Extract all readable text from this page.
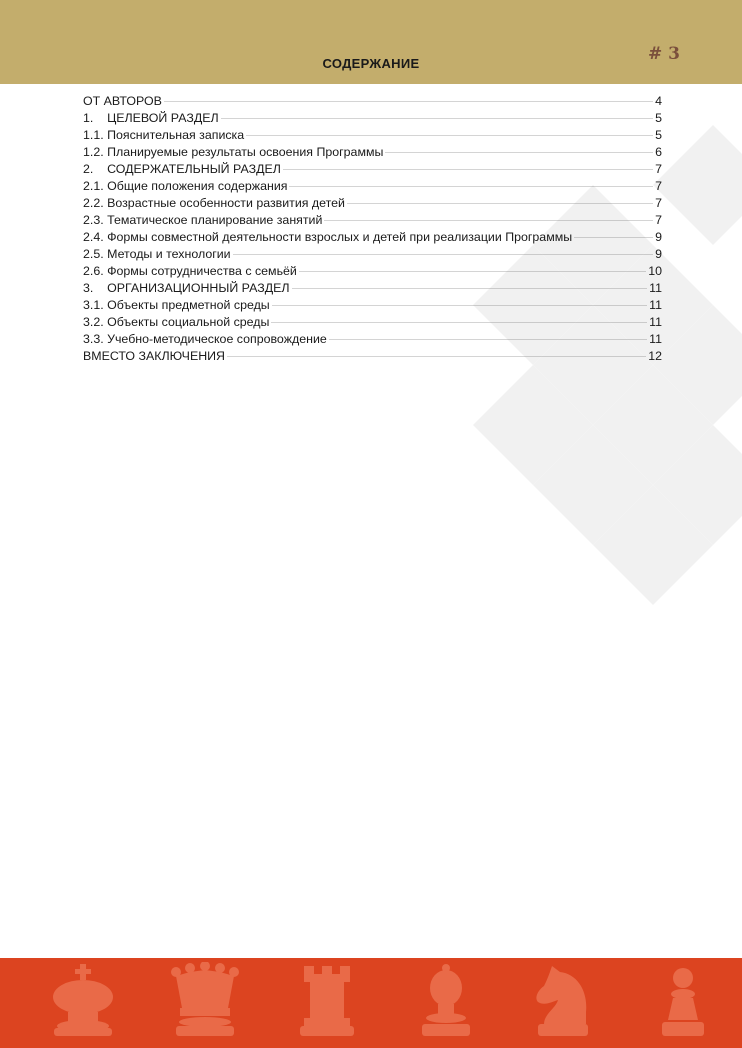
СОДЕРЖАНИЕ	# 3
ОТ АВТОРОВ	4
1.    ЦЕЛЕВОЙ РАЗДЕЛ	5
1.1. Пояснительная записка	5
1.2. Планируемые результаты освоения Программы	6
2.    СОДЕРЖАТЕЛЬНЫЙ РАЗДЕЛ	7
2.1. Общие положения содержания	7
2.2. Возрастные особенности развития детей	7
2.3. Тематическое планирование занятий	7
2.4. Формы совместной деятельности взрослых и детей при реализации Программы	9
2.5. Методы и технологии	9
2.6. Формы сотрудничества с семьёй	10
3.    ОРГАНИЗАЦИОННЫЙ РАЗДЕЛ	11
3.1. Объекты предметной среды	11
3.2. Объекты социальной среды	11
3.3. Учебно-методическое сопровождение	11
ВМЕСТО ЗАКЛЮЧЕНИЯ	12
